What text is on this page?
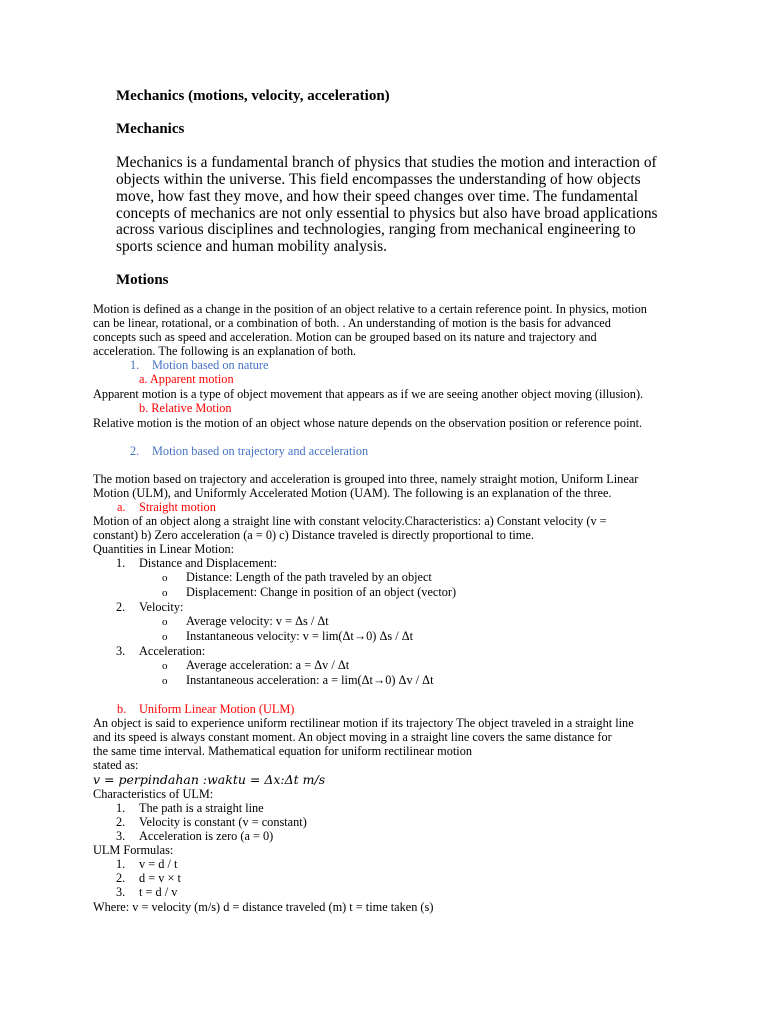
Mechanics (motions, velocity, acceleration)
Mechanics
Mechanics is a fundamental branch of physics that studies the motion and interaction of
objects within the universe. This field encompasses the understanding of how objects
move, how fast they move, and how their speed changes over time. The fundamental
concepts of mechanics are not only essential to physics but also have broad applications
across various disciplines and technologies, ranging from mechanical engineering to
sports science and human mobility analysis.
Motions
Motion is defined as a change in the position of an object relative to a certain reference point. In physics, motion
can be linear, rotational, or a combination of both. . An understanding of motion is the basis for advanced
concepts such as speed and acceleration. Motion can be grouped based on its nature and trajectory and
acceleration. The following is an explanation of both.
1. Motion based on nature
a. Apparent motion
Apparent motion is a type of object movement that appears as if we are seeing another object moving (illusion).
b. Relative Motion
Relative motion is the motion of an object whose nature depends on the observation position or reference point.
2. Motion based on trajectory and acceleration
The motion based on trajectory and acceleration is grouped into three, namely straight motion, Uniform Linear
Motion (ULM), and Uniformly Accelerated Motion (UAM). The following is an explanation of the three.
a. Straight motion
Motion of an object along a straight line with constant velocity.Characteristics: a) Constant velocity (v =
constant) b) Zero acceleration (a = 0) c) Distance traveled is directly proportional to time.
Quantities in Linear Motion:
1. Distance and Displacement:
o Distance: Length of the path traveled by an object
o Displacement: Change in position of an object (vector)
2. Velocity:
o Average velocity: v = Δs / Δt
o Instantaneous velocity: v = lim(Δt→0) Δs / Δt
3. Acceleration:
o Average acceleration: a = Δv / Δt
o Instantaneous acceleration: a = lim(Δt→0) Δv / Δt
b. Uniform Linear Motion (ULM)
An object is said to experience uniform rectilinear motion if its trajectory The object traveled in a straight line
and its speed is always constant moment. An object moving in a straight line covers the same distance for
the same time interval. Mathematical equation for uniform rectilinear motion
stated as:
𝑣 = 𝑝𝑒𝑟𝑝𝑖𝑛𝑑𝑎ℎ𝑎𝑛 :𝑤𝑎𝑘𝑡𝑢 = Δ𝑥:Δ𝑡 𝑚/𝑠
Characteristics of ULM:
1. The path is a straight line
2. Velocity is constant (v = constant)
3. Acceleration is zero (a = 0)
ULM Formulas:
1. v = d / t
2. d = v × t
3. t = d / v
Where: v = velocity (m/s) d = distance traveled (m) t = time taken (s)
